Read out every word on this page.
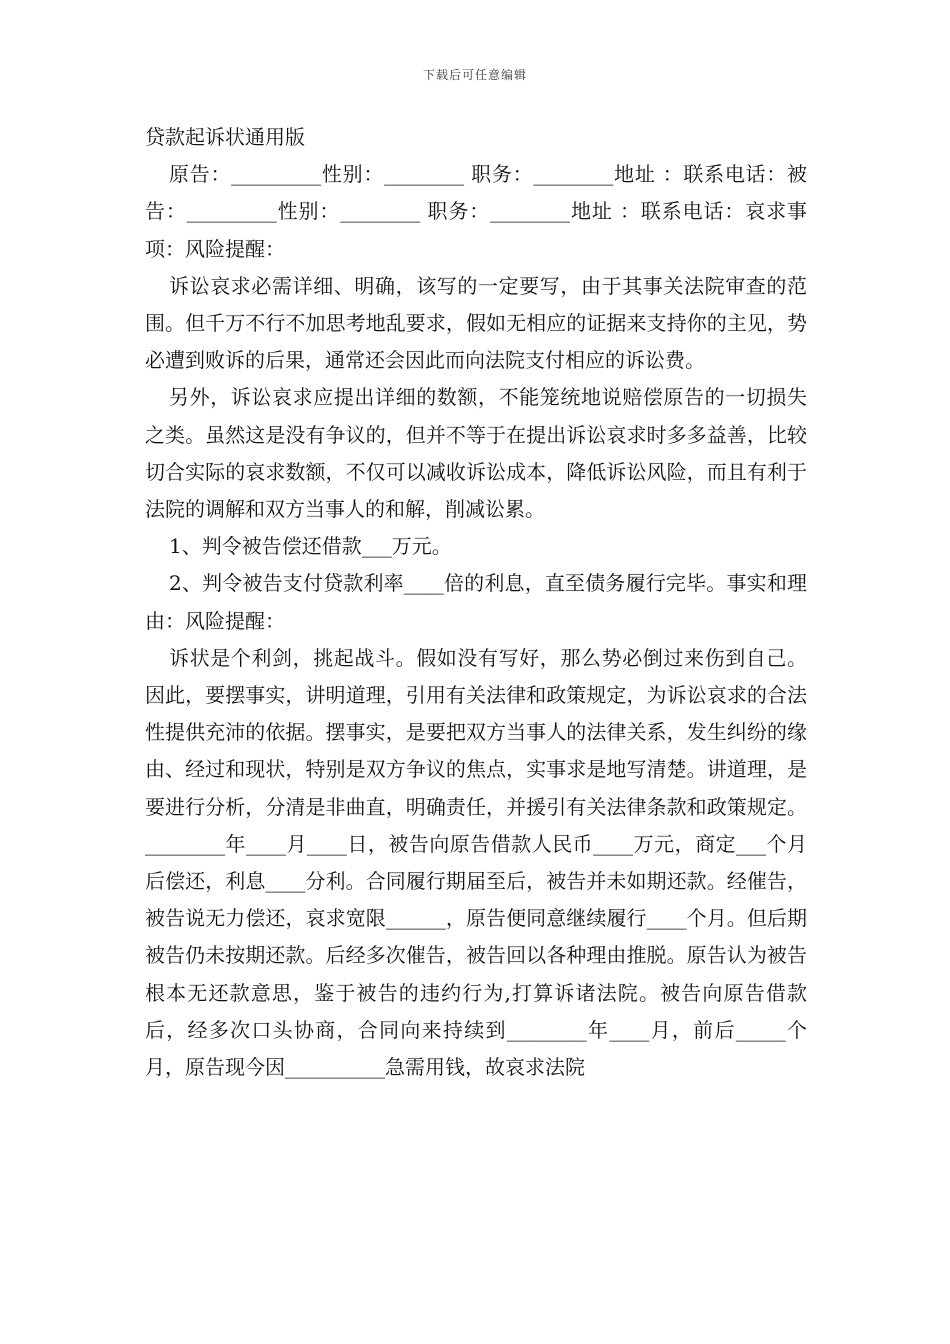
下载后可任意编辑

贷款起诉状通用版

原告：_________性别：________ 职务：________地址 ：联系电话：被告：_________性别：________ 职务：________地址 ：联系电话：哀求事项：风险提醒：

诉讼哀求必需详细、明确，该写的一定要写，由于其事关法院审查的范围。但千万不行不加思考地乱要求，假如无相应的证据来支持你的主见，势必遭到败诉的后果，通常还会因此而向法院支付相应的诉讼费。

另外，诉讼哀求应提出详细的数额，不能笼统地说赔偿原告的一切损失之类。虽然这是没有争议的，但并不等于在提出诉讼哀求时多多益善，比较切合实际的哀求数额，不仅可以减收诉讼成本，降低诉讼风险，而且有利于法院的调解和双方当事人的和解，削减讼累。

1、判令被告偿还借款___万元。

2、判令被告支付贷款利率____倍的利息，直至债务履行完毕。事实和理由：风险提醒：

诉状是个利剑，挑起战斗。假如没有写好，那么势必倒过来伤到自己。因此，要摆事实，讲明道理，引用有关法律和政策规定，为诉讼哀求的合法性提供充沛的依据。摆事实，是要把双方当事人的法律关系，发生纠纷的缘由、经过和现状，特别是双方争议的焦点，实事求是地写清楚。讲道理，是要进行分析，分清是非曲直，明确责任，并援引有关法律条款和政策规定。 ________年____月____日，被告向原告借款人民币____万元，商定___个月后偿还，利息____分利。合同履行期届至后，被告并未如期还款。经催告，被告说无力偿还，哀求宽限______，原告便同意继续履行____个月。但后期被告仍未按期还款。后经多次催告，被告回以各种理由推脱。原告认为被告根本无还款意思，鉴于被告的违约行为,打算诉诸法院。被告向原告借款后，经多次口头协商，合同向来持续到________年____月，前后_____个月，原告现今因__________急需用钱，故哀求法院
